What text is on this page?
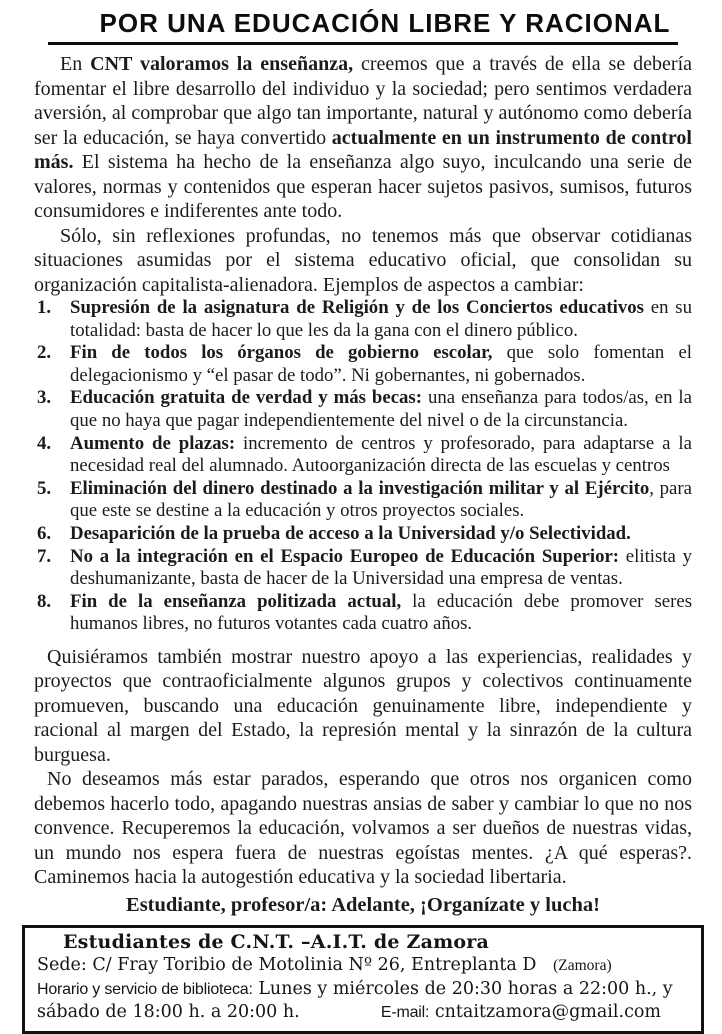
POR UNA EDUCACIÓN LIBRE Y RACIONAL

En CNT valoramos la enseñanza, creemos que a través de ella se debería fomentar el libre desarrollo del individuo y la sociedad; pero sentimos verdadera aversión, al comprobar que algo tan importante, natural y autónomo como debería ser la educación, se haya convertido actualmente en un instrumento de control más. El sistema ha hecho de la enseñanza algo suyo, inculcando una serie de valores, normas y contenidos que esperan hacer sujetos pasivos, sumisos, futuros consumidores e indiferentes ante todo.

Sólo, sin reflexiones profundas, no tenemos más que observar cotidianas situaciones asumidas por el sistema educativo oficial, que consolidan su organización capitalista-alienadora. Ejemplos de aspectos a cambiar:

1.	Supresión de la asignatura de Religión y de los Conciertos educativos en su totalidad: basta de hacer lo que les da la gana con el dinero público.
2.	Fin de todos los órganos de gobierno escolar, que solo fomentan el delegacionismo y “el pasar de todo”. Ni gobernantes, ni gobernados.
3.	Educación gratuita de verdad y más becas: una enseñanza para todos/as, en la que no haya que pagar independientemente del nivel o de la circunstancia.
4.	Aumento de plazas: incremento de centros y profesorado, para adaptarse a la necesidad real del alumnado. Autoorganización directa de las escuelas y centros
5.	Eliminación del dinero destinado a la investigación militar y al Ejército, para que este se destine a la educación y otros proyectos sociales.
6.	Desaparición de la prueba de acceso a la Universidad y/o Selectividad.
7.	No a la integración en el Espacio Europeo de Educación Superior: elitista y deshumanizante, basta de hacer de la Universidad una empresa de ventas.
8.	Fin de la enseñanza politizada actual, la educación debe promover seres humanos libres, no futuros votantes cada cuatro años.

Quisiéramos también mostrar nuestro apoyo a las experiencias, realidades y proyectos que contraoficialmente algunos grupos y colectivos continuamente promueven, buscando una educación genuinamente libre, independiente y racional al margen del Estado, la represión mental y la sinrazón de la cultura burguesa.

No deseamos más estar parados, esperando que otros nos organicen como debemos hacerlo todo, apagando nuestras ansias de saber y cambiar lo que no nos convence. Recuperemos la educación, volvamos a ser dueños de nuestras vidas, un mundo nos espera fuera de nuestras egoístas mentes. ¿A qué esperas?. Caminemos hacia la autogestión educativa y la sociedad libertaria.

Estudiante, profesor/a: Adelante, ¡Organízate y lucha!

Estudiantes de C.N.T. –A.I.T. de Zamora
Sede: C/ Fray Toribio de Motolinia Nº 26, Entreplanta D (Zamora)
Horario y servicio de biblioteca: Lunes y miércoles de 20:30 horas a 22:00 h., y
sábado de 18:00 h. a 20:00 h.	E-mail: cntaitzamora@gmail.com
